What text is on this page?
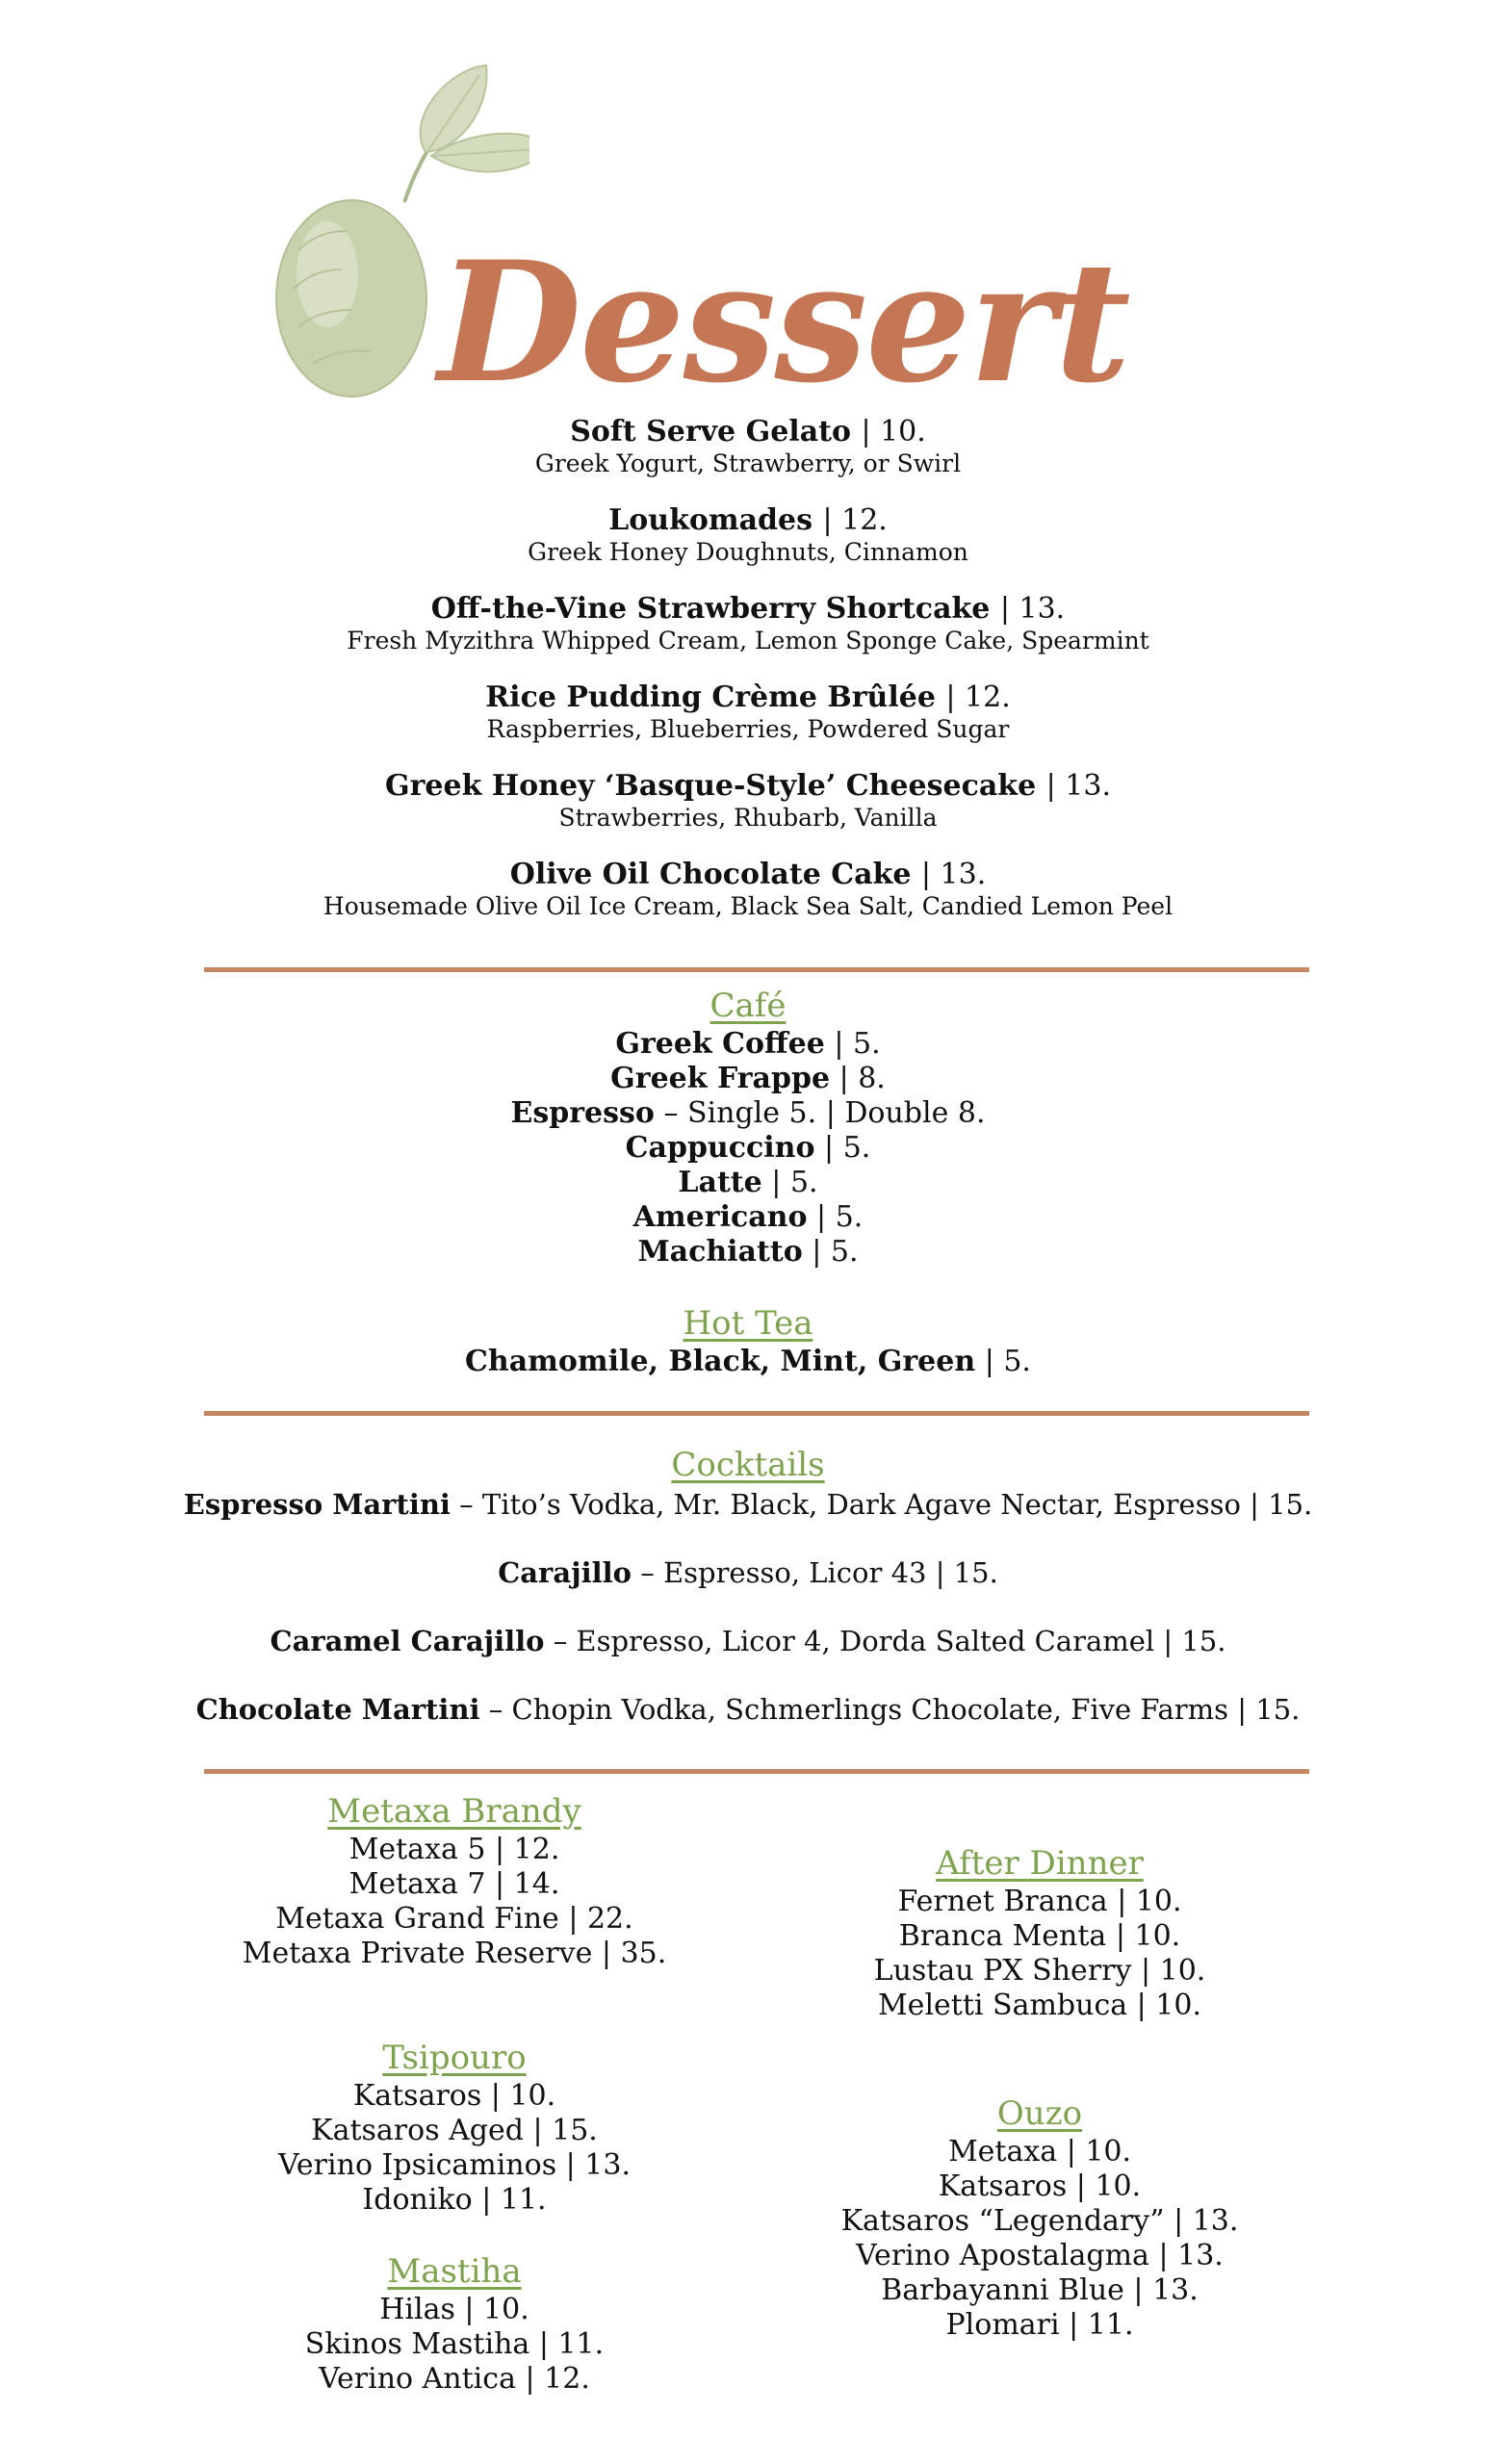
Dessert
Soft Serve Gelato | 10.
Greek Yogurt, Strawberry, or Swirl
Loukomades | 12.
Greek Honey Doughnuts, Cinnamon
Off-the-Vine Strawberry Shortcake | 13.
Fresh Myzithra Whipped Cream, Lemon Sponge Cake, Spearmint
Rice Pudding Crème Brûlée | 12.
Raspberries, Blueberries, Powdered Sugar
Greek Honey ‘Basque-Style’ Cheesecake | 13.
Strawberries, Rhubarb, Vanilla
Olive Oil Chocolate Cake | 13.
Housemade Olive Oil Ice Cream, Black Sea Salt, Candied Lemon Peel
Café
Greek Coffee | 5.
Greek Frappe | 8.
Espresso – Single 5. | Double 8.
Cappuccino | 5.
Latte | 5.
Americano | 5.
Machiatto | 5.
Hot Tea
Chamomile, Black, Mint, Green | 5.
Cocktails
Espresso Martini – Tito’s Vodka, Mr. Black, Dark Agave Nectar, Espresso | 15.
Carajillo – Espresso, Licor 43 | 15.
Caramel Carajillo – Espresso, Licor 4, Dorda Salted Caramel | 15.
Chocolate Martini – Chopin Vodka, Schmerlings Chocolate, Five Farms | 15.
Metaxa Brandy
Metaxa 5 | 12.
Metaxa 7 | 14.
Metaxa Grand Fine | 22.
Metaxa Private Reserve | 35.
Tsipouro
Katsaros | 10.
Katsaros Aged | 15.
Verino Ipsicaminos | 13.
Idoniko | 11.
Mastiha
Hilas | 10.
Skinos Mastiha | 11.
Verino Antica | 12.
After Dinner
Fernet Branca | 10.
Branca Menta | 10.
Lustau PX Sherry | 10.
Meletti Sambuca | 10.
Ouzo
Metaxa | 10.
Katsaros | 10.
Katsaros “Legendary” | 13.
Verino Apostalagma | 13.
Barbayanni Blue | 13.
Plomari | 11.
